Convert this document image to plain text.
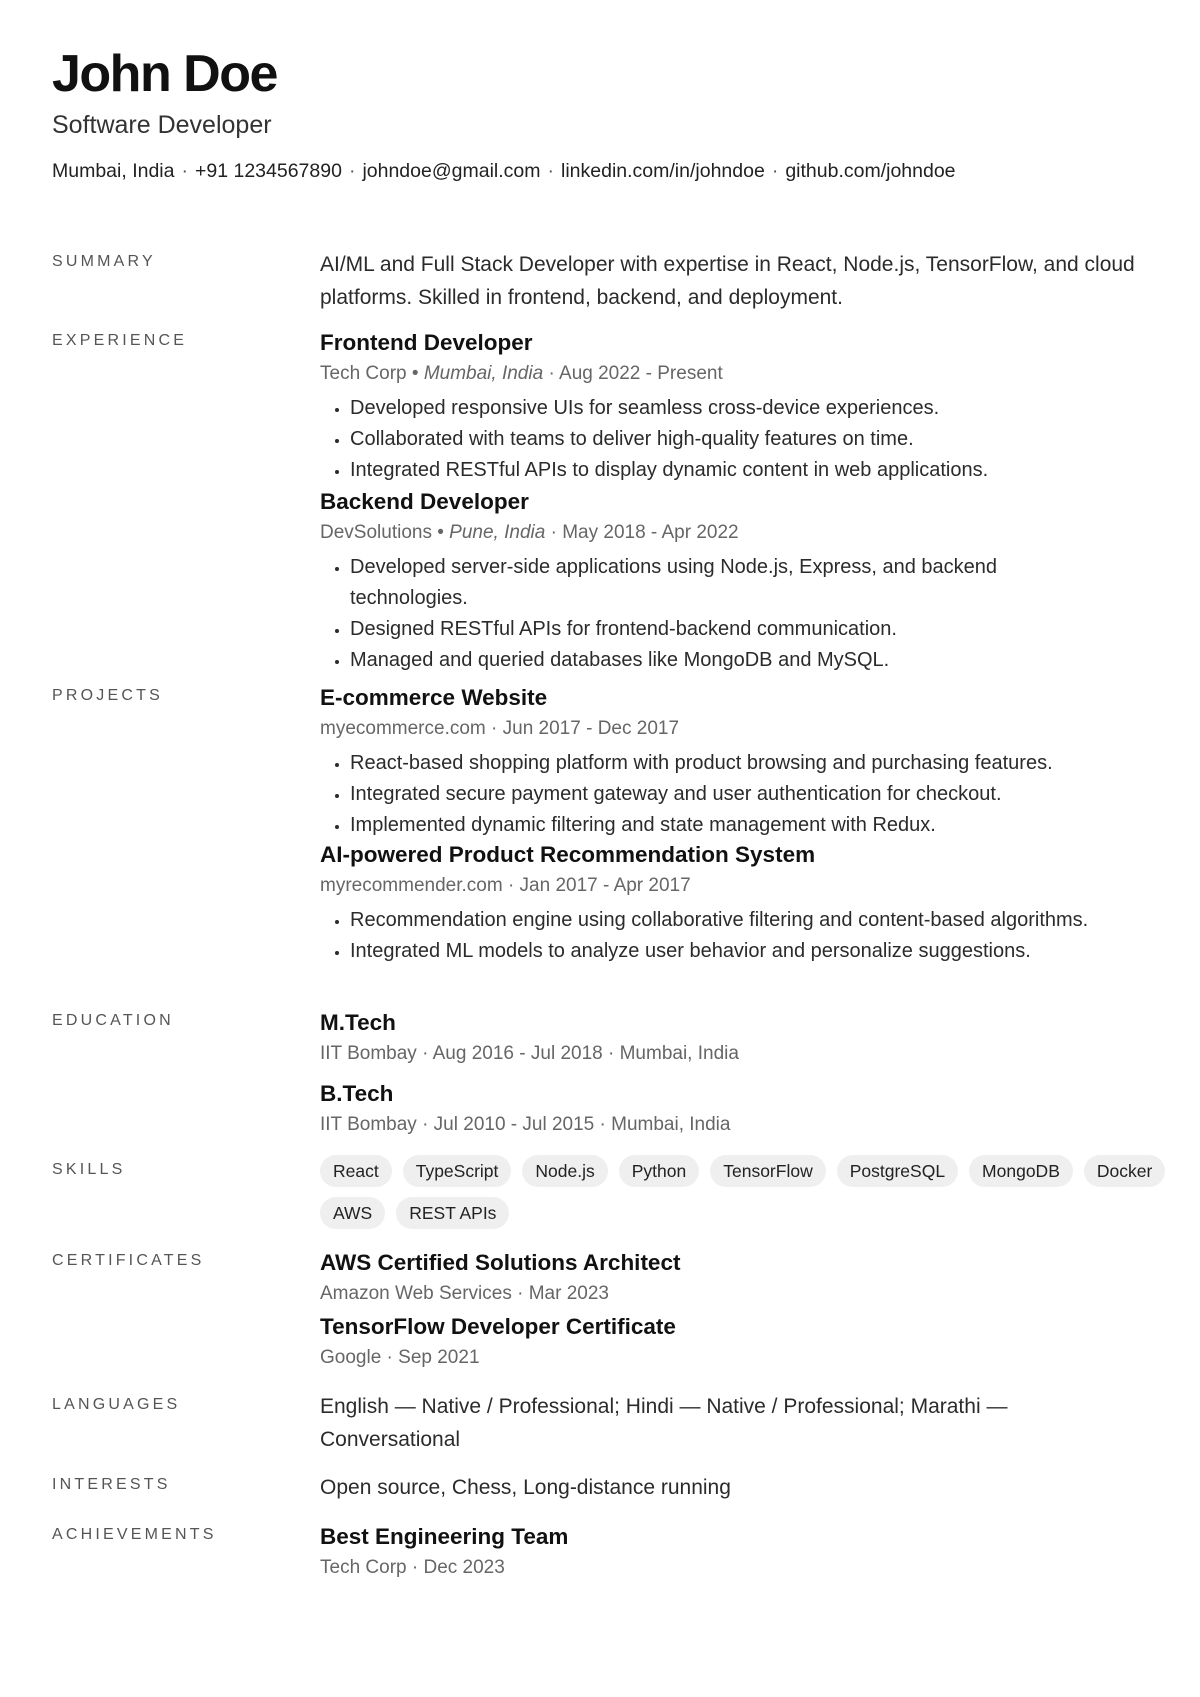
John Doe
Software Developer
Mumbai, India · +91 1234567890 · johndoe@gmail.com · linkedin.com/in/johndoe · github.com/johndoe
SUMMARY	AI/ML and Full Stack Developer with expertise in React, Node.js, TensorFlow, and cloud platforms. Skilled in frontend, backend, and deployment.
EXPERIENCE	Frontend Developer
Tech Corp • Mumbai, India · Aug 2022 - Present
• Developed responsive UIs for seamless cross-device experiences.
• Collaborated with teams to deliver high-quality features on time.
• Integrated RESTful APIs to display dynamic content in web applications.
Backend Developer
DevSolutions • Pune, India · May 2018 - Apr 2022
• Developed server-side applications using Node.js, Express, and backend technologies.
• Designed RESTful APIs for frontend-backend communication.
• Managed and queried databases like MongoDB and MySQL.
PROJECTS	E-commerce Website
myecommerce.com · Jun 2017 - Dec 2017
• React-based shopping platform with product browsing and purchasing features.
• Integrated secure payment gateway and user authentication for checkout.
• Implemented dynamic filtering and state management with Redux.
AI-powered Product Recommendation System
myrecommender.com · Jan 2017 - Apr 2017
• Recommendation engine using collaborative filtering and content-based algorithms.
• Integrated ML models to analyze user behavior and personalize suggestions.
EDUCATION	M.Tech
IIT Bombay · Aug 2016 - Jul 2018 · Mumbai, India
B.Tech
IIT Bombay · Jul 2010 - Jul 2015 · Mumbai, India
SKILLS	React	TypeScript	Node.js	Python	TensorFlow	PostgreSQL	MongoDB	Docker
AWS	REST APIs
CERTIFICATES	AWS Certified Solutions Architect
Amazon Web Services · Mar 2023
TensorFlow Developer Certificate
Google · Sep 2021
LANGUAGES	English — Native / Professional; Hindi — Native / Professional; Marathi — Conversational
INTERESTS	Open source, Chess, Long-distance running
ACHIEVEMENTS	Best Engineering Team
Tech Corp · Dec 2023
